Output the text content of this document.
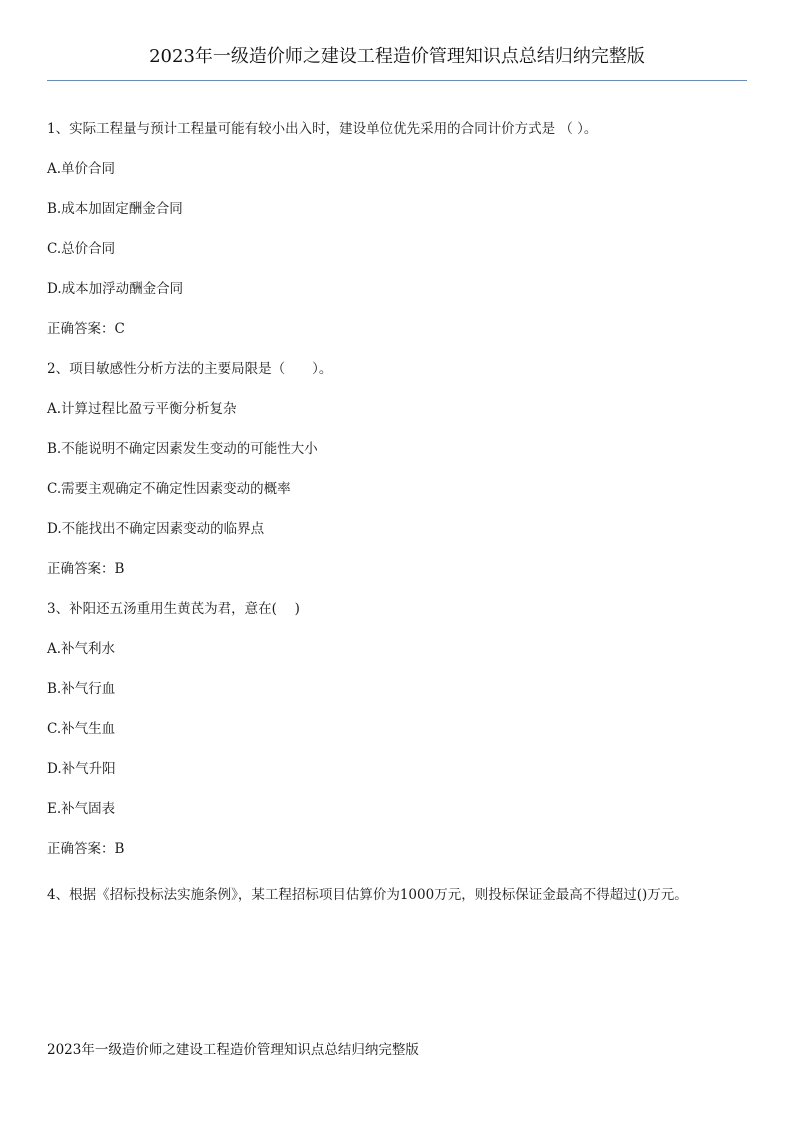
2023年一级造价师之建设工程造价管理知识点总结归纳完整版

1、实际工程量与预计工程量可能有较小出入时，建设单位优先采用的合同计价方式是 （ ）。

A.单价合同

B.成本加固定酬金合同

C.总价合同

D.成本加浮动酬金合同

正确答案：C

2、项目敏感性分析方法的主要局限是（　　）。

A.计算过程比盈亏平衡分析复杂

B.不能说明不确定因素发生变动的可能性大小

C.需要主观确定不确定性因素变动的概率

D.不能找出不确定因素变动的临界点

正确答案：B

3、补阳还五汤重用生黄芪为君，意在(　 )

A.补气利水

B.补气行血

C.补气生血

D.补气升阳

E.补气固表

正确答案：B

4、根据《招标投标法实施条例》，某工程招标项目估算价为1000万元，则投标保证金最高不得超过()万元。

2023年一级造价师之建设工程造价管理知识点总结归纳完整版
